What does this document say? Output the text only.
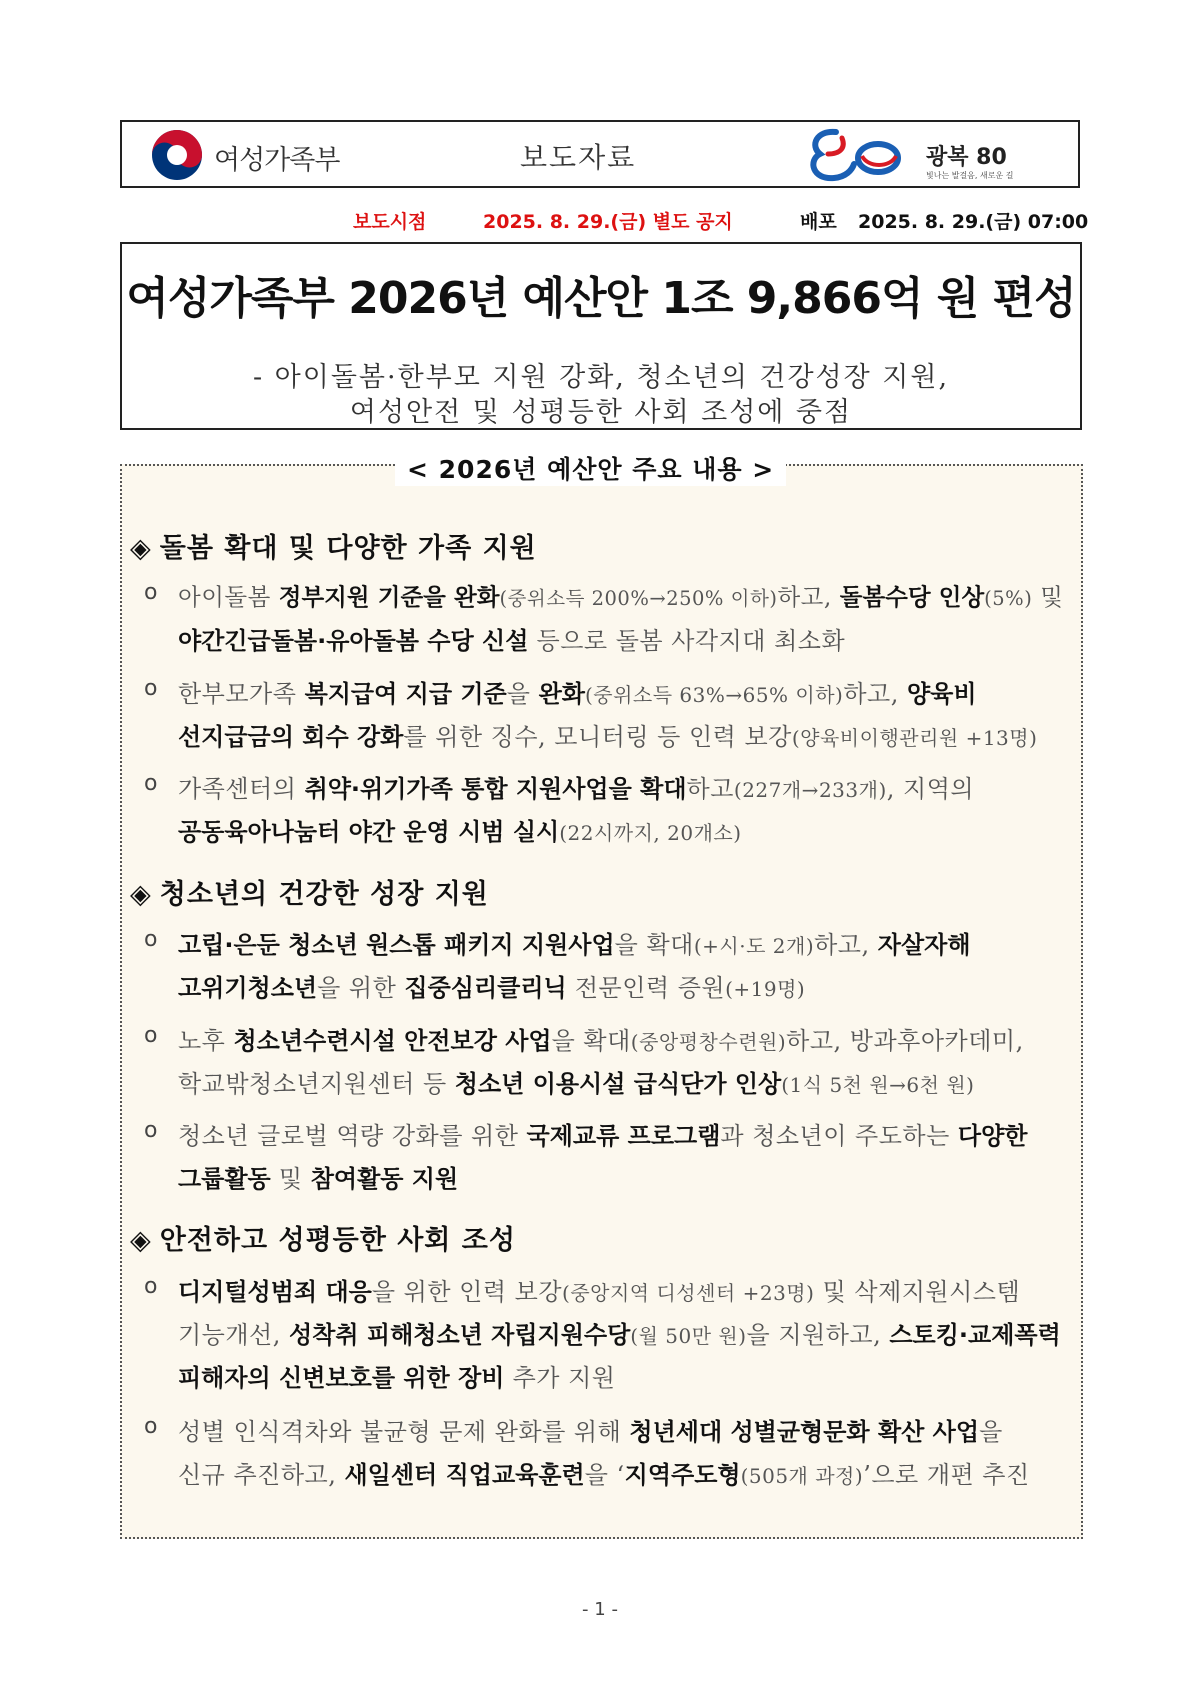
여성가족부	보도자료	광복 80
빛나는 발걸음, 새로운 길
보도시점	2025. 8. 29.(금) 별도 공지	배포 2025. 8. 29.(금) 07:00
여성가족부 2026년 예산안 1조 9,866억 원 편성
- 아이돌봄·한부모 지원 강화, 청소년의 건강성장 지원,
여성안전 및 성평등한 사회 조성에 중점
< 2026년 예산안 주요 내용 >
◈ 돌봄 확대 및 다양한 가족 지원
o 아이돌봄 정부지원 기준을 완화(중위소득 200%→250% 이하)하고, 돌봄수당 인상(5%) 및
야간긴급돌봄·유아돌봄 수당 신설 등으로 돌봄 사각지대 최소화
o 한부모가족 복지급여 지급 기준을 완화(중위소득 63%→65% 이하)하고, 양육비
선지급금의 회수 강화를 위한 징수, 모니터링 등 인력 보강(양육비이행관리원 +13명)
o 가족센터의 취약·위기가족 통합 지원사업을 확대하고(227개→233개), 지역의
공동육아나눔터 야간 운영 시범 실시(22시까지, 20개소)
◈ 청소년의 건강한 성장 지원
o 고립·은둔 청소년 원스톱 패키지 지원사업을 확대(+시·도 2개)하고, 자살자해
고위기청소년을 위한 집중심리클리닉 전문인력 증원(+19명)
o 노후 청소년수련시설 안전보강 사업을 확대(중앙평창수련원)하고, 방과후아카데미,
학교밖청소년지원센터 등 청소년 이용시설 급식단가 인상(1식 5천 원→6천 원)
o 청소년 글로벌 역량 강화를 위한 국제교류 프로그램과 청소년이 주도하는 다양한
그룹활동 및 참여활동 지원
◈ 안전하고 성평등한 사회 조성
o 디지털성범죄 대응을 위한 인력 보강(중앙지역 디성센터 +23명) 및 삭제지원시스템
기능개선, 성착취 피해청소년 자립지원수당(월 50만 원)을 지원하고, 스토킹·교제폭력
피해자의 신변보호를 위한 장비 추가 지원
o 성별 인식격차와 불균형 문제 완화를 위해 청년세대 성별균형문화 확산 사업을
신규 추진하고, 새일센터 직업교육훈련을 ‘지역주도형(505개 과정)’으로 개편 추진
- 1 -
